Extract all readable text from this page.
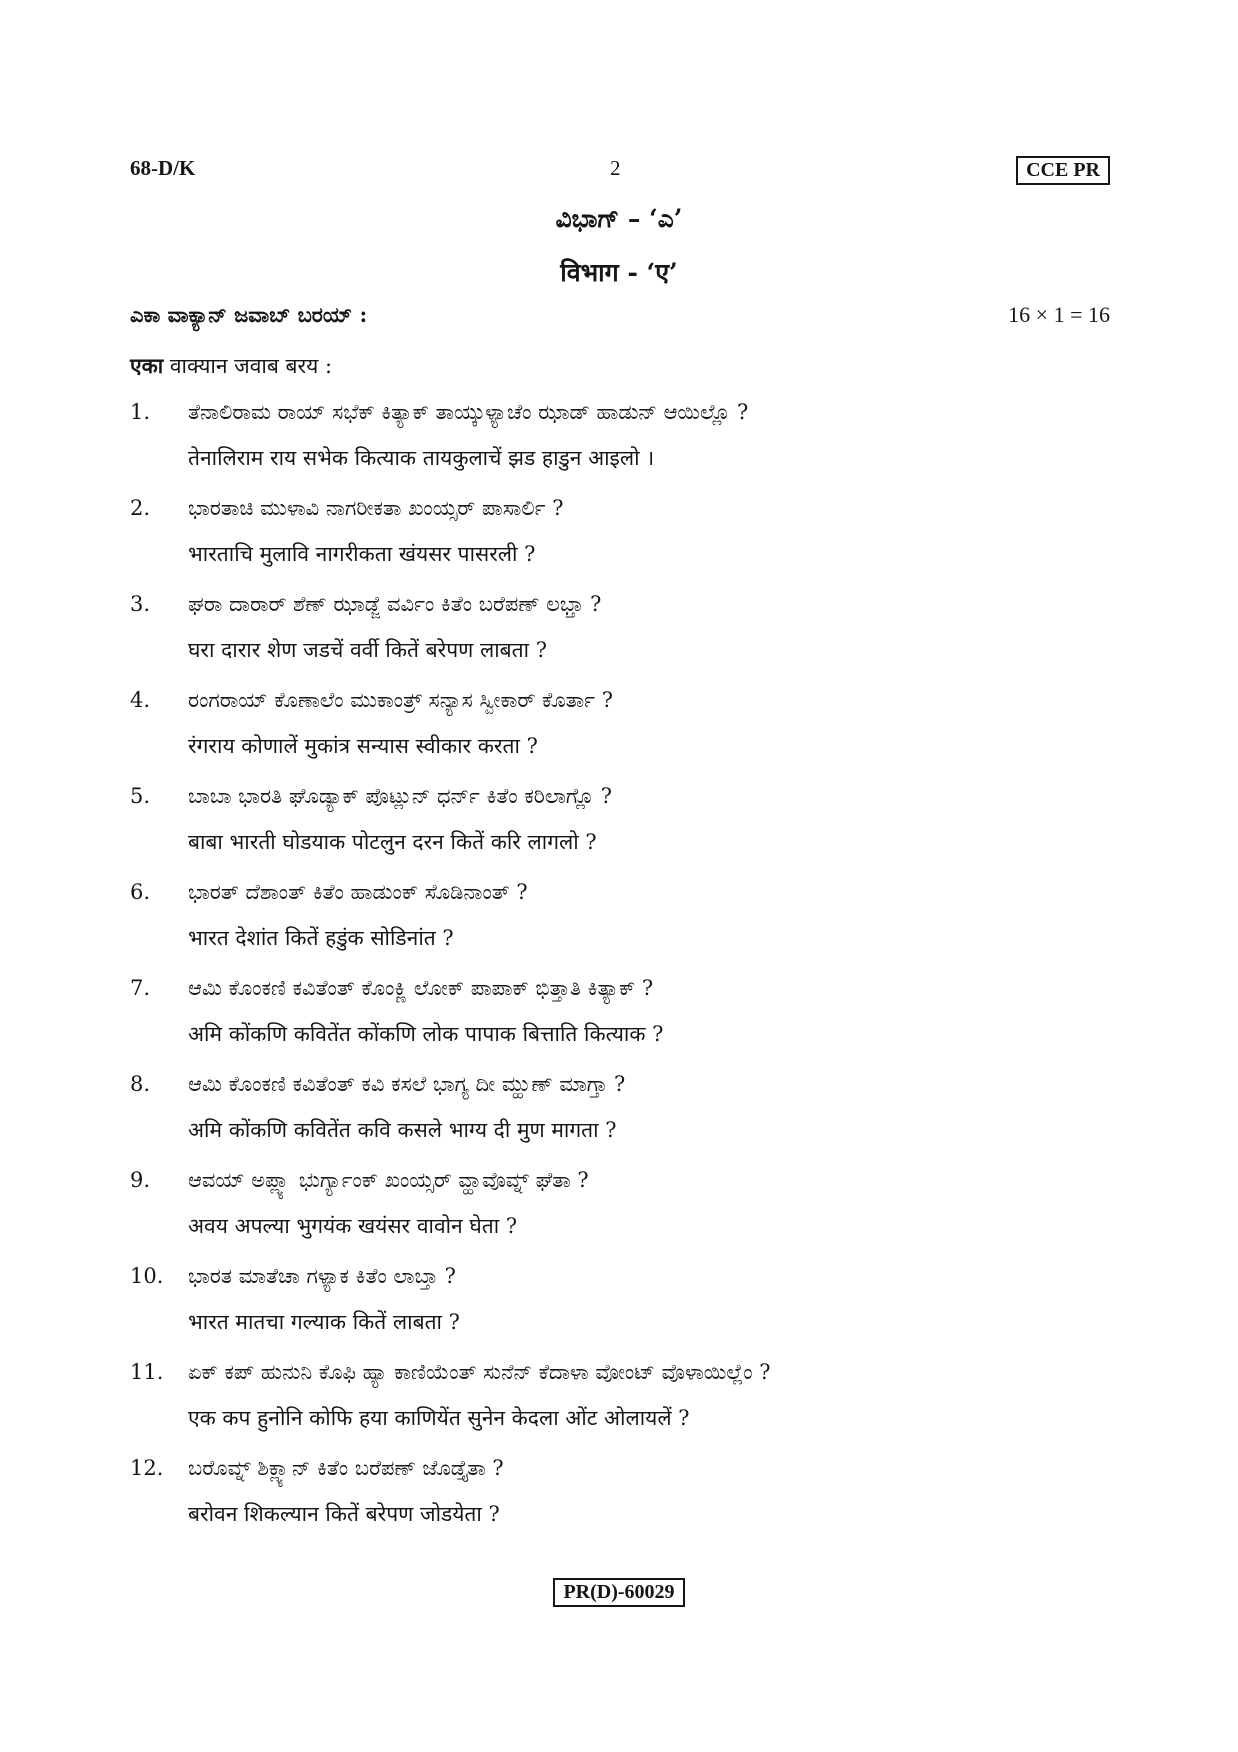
68-D/K	2	CCE PR
ವಿಭಾಗ್ – ‘ಎ’
विभाग - ‘ए’
ಎಕಾ ವಾಕ್ಯಾನ್ ಜವಾಬ್ ಬರಯ್ :	16 × 1 = 16
एका वाक्यान जवाब बरय :
1. ತೆನಾಲಿರಾಮ ರಾಯ್ ಸಭೆಕ್ ಕಿತ್ಯಾಕ್ ತಾಯ್ಕುಳ್ಯಾಚೆಂ ಝಾಡ್ ಹಾಡುನ್ ಆಯಿಲ್ಲೊ ?
तेनालिराम राय सभेक कित्याक तायकुलाचें झड हाडुन आइलो ।
2. ಭಾರತಾಚಿ ಮುಳಾವಿ ನಾಗರೀಕತಾ ಖಂಯ್ಸರ್ ಪಾಸಾರ್ಲಿ ?
भारताचि मुलावि नागरीकता खंयसर पासरली ?
3. ಘರಾ ದಾರಾರ್ ಶೆಣ್ ಝಾಡ್ಜೆ ವರ್ವಿಂ ಕಿತೆಂ ಬರೆಪಣ್ ಲಭ್ತಾ ?
घरा दारार शेण जडचें वर्वी कितें बरेपण लाबता ?
4. ರಂಗರಾಯ್ ಕೊಣಾಲೆಂ ಮುಕಾಂತ್ರ್ ಸನ್ಯಾಸ ಸ್ವೀಕಾರ್ ಕೊರ್ತಾ ?
रंगराय कोणालें मुकांत्र सन्यास स्वीकार करता ?
5. ಬಾಬಾ ಭಾರತಿ ಘೊಡ್ಯಾಕ್ ಪೊಟ್ಲುನ್ ಧರ್ನ್ ಕಿತೆಂ ಕರಿಲಾಗ್ಲೊ ?
बाबा भारती घोडयाक पोटलुन दरन कितें करि लागलो ?
6. ಭಾರತ್ ದೆಶಾಂತ್ ಕಿತೆಂ ಹಾಡುಂಕ್ ಸೊಡಿನಾಂತ್ ?
भारत देशांत कितें हडुंक सोडिनांत ?
7. ಆಮಿ ಕೊಂಕಣಿ ಕವಿತೆಂತ್ ಕೊಂಕ್ಣಿ ಲೋಕ್ ಪಾಪಾಕ್ ಭಿತ್ತಾತಿ ಕಿತ್ಯಾಕ್ ?
अमि कोंकणि कवितेंत कोंकणि लोक पापाक बित्ताति कित्याक ?
8. ಆಮಿ ಕೊಂಕಣಿ ಕವಿತೆಂತ್ ಕವಿ ಕಸಲೆ ಭಾಗ್ಯ ದೀ ಮ್ಹುಣ್ ಮಾಗ್ತಾ ?
अमि कोंकणि कवितेंत कवि कसले भाग्य दी मुण मागता ?
9. ಆವಯ್ ಅಪ್ಲ್ಯಾ ಭುರ್ಗ್ಯಾಂಕ್ ಖಂಯ್ಸರ್ ವ್ಹಾವೊವ್ನ್ ಘೆತಾ ?
अवय अपल्या भुगयंक खयंसर वावोन घेता ?
10. ಭಾರತ ಮಾತೆಚಾ ಗಳ್ಯಾಕ ಕಿತೆಂ ಲಾಬ್ತಾ ?
भारत मातचा गल्याक कितें लाबता ?
11. ಏಕ್ ಕಪ್ ಹುನುನಿ ಕೊಫಿ ಹ್ಯಾ ಕಾಣಿಯೆಂತ್ ಸುನೆನ್ ಕೆದಾಳಾ ವೋಂಟ್ ವೊಳಾಯಿಲ್ಲೆಂ ?
एक कप हुनोनि कोफि हया काणियेंत सुनेन केदला ओंट ओलायलें ?
12. ಬರೊವ್ನ್ ಶಿಕ್ಲ್ಯಾನ್ ಕಿತೆಂ ಬರೆಪಣ್ ಜೊಡ್ತೈತಾ ?
बरोवन शिकल्यान कितें बरेपण जोडयेता ?
PR(D)-60029
